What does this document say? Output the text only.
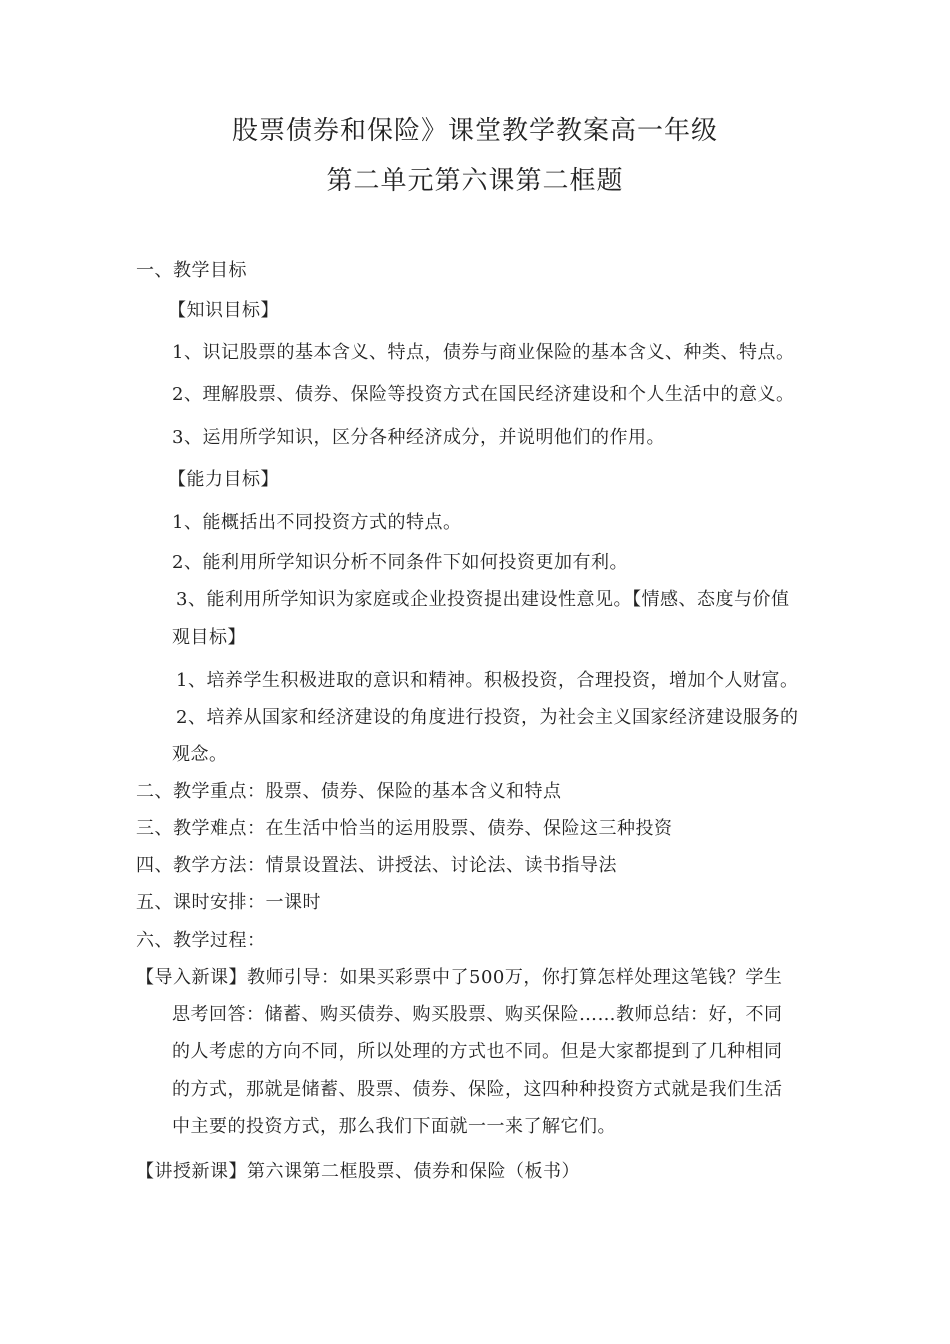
股票债券和保险》课堂教学教案高一年级
第二单元第六课第二框题
一、教学目标
【知识目标】
1、识记股票的基本含义、特点，债券与商业保险的基本含义、种类、特点。
2、理解股票、债券、保险等投资方式在国民经济建设和个人生活中的意义。
3、运用所学知识，区分各种经济成分，并说明他们的作用。
【能力目标】
1、能概括出不同投资方式的特点。
2、能利用所学知识分析不同条件下如何投资更加有利。
3、能利用所学知识为家庭或企业投资提出建设性意见。【情感、态度与价值
观目标】
1、培养学生积极进取的意识和精神。积极投资，合理投资，增加个人财富。
2、培养从国家和经济建设的角度进行投资，为社会主义国家经济建设服务的
观念。
二、教学重点：股票、债券、保险的基本含义和特点
三、教学难点：在生活中恰当的运用股票、债券、保险这三种投资
四、教学方法：情景设置法、讲授法、讨论法、读书指导法
五、课时安排：一课时
六、教学过程：
【导入新课】教师引导：如果买彩票中了500万，你打算怎样处理这笔钱？学生
思考回答：储蓄、购买债券、购买股票、购买保险……教师总结：好，不同
的人考虑的方向不同，所以处理的方式也不同。但是大家都提到了几种相同
的方式，那就是储蓄、股票、债券、保险，这四种种投资方式就是我们生活
中主要的投资方式，那么我们下面就一一来了解它们。
【讲授新课】第六课第二框股票、债券和保险（板书）
